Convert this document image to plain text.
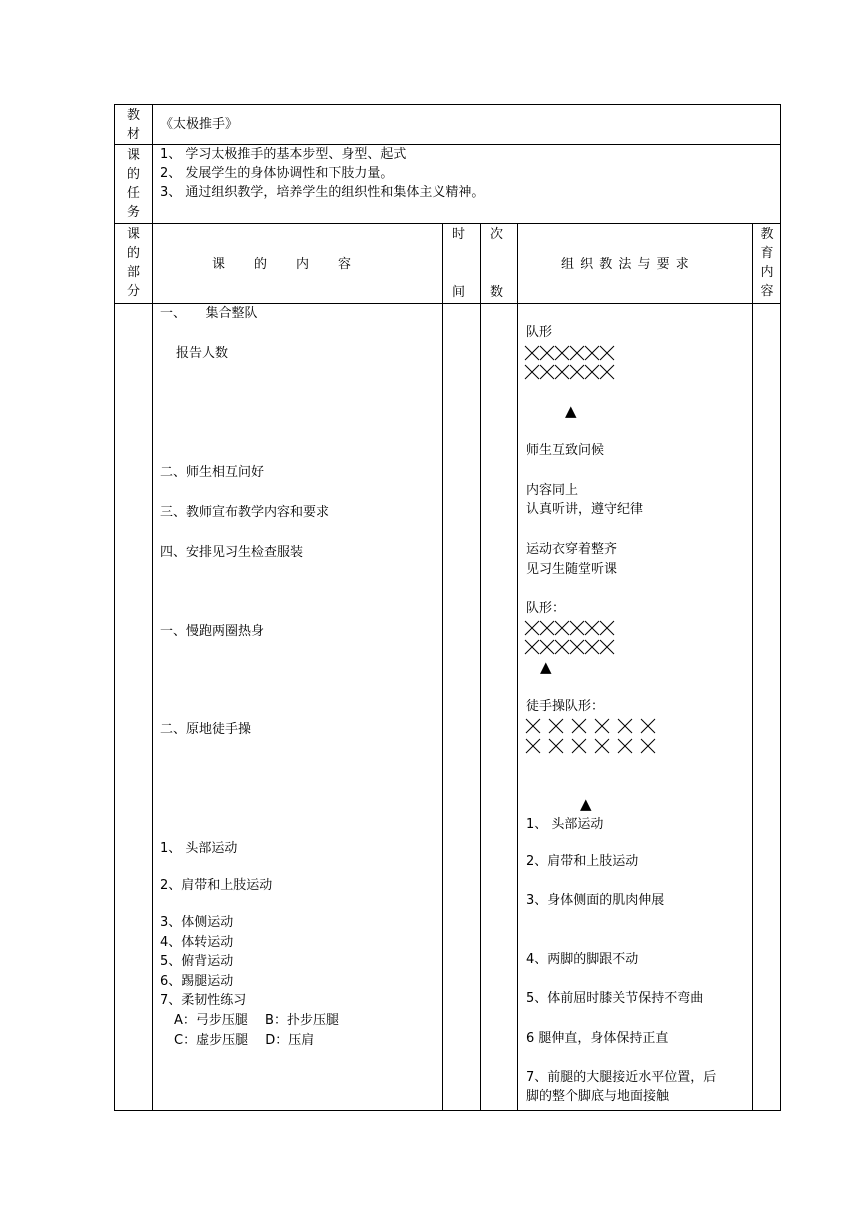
教
材
《太极推手》
课
的
任
务
1、 学习太极推手的基本步型、身型、起式
2、 发展学生的身体协调性和下肢力量。
3、 通过组织教学，培养学生的组织性和集体主义精神。
课
的
部
分
课　　的　　内　　容
时
间
次
数
组 织 教 法 与 要 求
教
育
内
容
一、　　集合整队
报告人数
二、师生相互问好
三、教师宣布教学内容和要求
四、安排见习生检查服装
一、慢跑两圈热身
二、原地徒手操
1、 头部运动
2、肩带和上肢运动
3、体侧运动
4、体转运动
5、俯背运动
6、踢腿运动
7、柔韧性练习
A：弓步压腿　 B：扑步压腿
C：虚步压腿　 D：压肩
队形
▲
师生互致问候
内容同上
认真听讲，遵守纪律
运动衣穿着整齐
见习生随堂听课
队形：
▲
徒手操队形：
▲
1、 头部运动
2、肩带和上肢运动
3、身体侧面的肌肉伸展
4、两脚的脚跟不动
5、体前屈时膝关节保持不弯曲
6 腿伸直，身体保持正直
7、前腿的大腿接近水平位置，后
脚的整个脚底与地面接触
